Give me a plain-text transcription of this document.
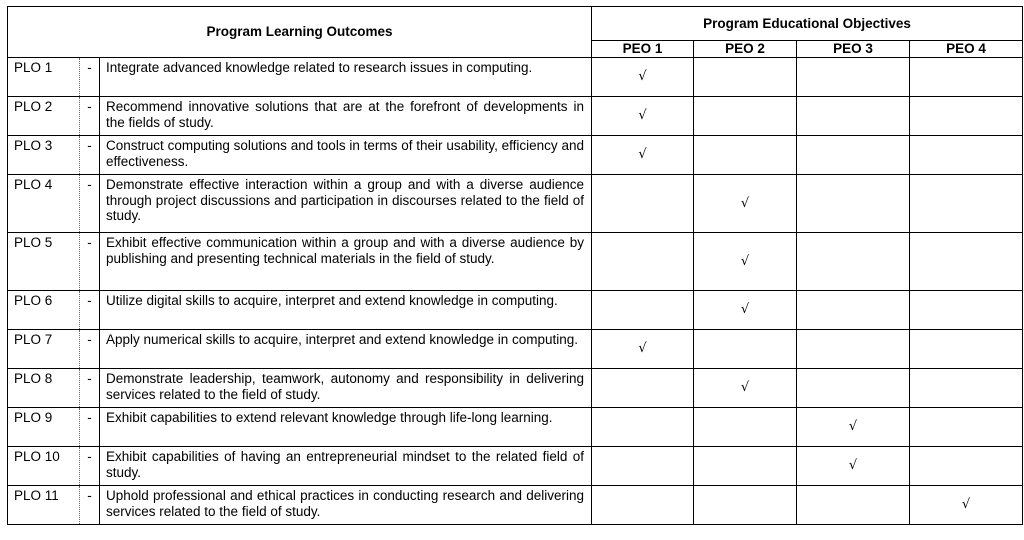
Program Learning Outcomes			Program Educational Objectives			
			PEO 1	PEO 2	PEO 3	PEO 4
PLO 1	-	Integrate advanced knowledge related to research issues in computing.	√			
PLO 2	-	Recommend innovative solutions that are at the forefront of developments in the fields of study.	√			
PLO 3	-	Construct computing solutions and tools in terms of their usability, efficiency and effectiveness.	√			
PLO 4	-	Demonstrate effective interaction within a group and with a diverse audience through project discussions and participation in discourses related to the field of study.		√		
PLO 5	-	Exhibit effective communication within a group and with a diverse audience by publishing and presenting technical materials in the field of study.		√		
PLO 6	-	Utilize digital skills to acquire, interpret and extend knowledge in computing.		√		
PLO 7	-	Apply numerical skills to acquire, interpret and extend knowledge in computing.	√			
PLO 8	-	Demonstrate leadership, teamwork, autonomy and responsibility in delivering services related to the field of study.		√		
PLO 9	-	Exhibit capabilities to extend relevant knowledge through life-long learning.			√	
PLO 10	-	Exhibit capabilities of having an entrepreneurial mindset to the related field of study.			√	
PLO 11	-	Uphold professional and ethical practices in conducting research and delivering services related to the field of study.				√
